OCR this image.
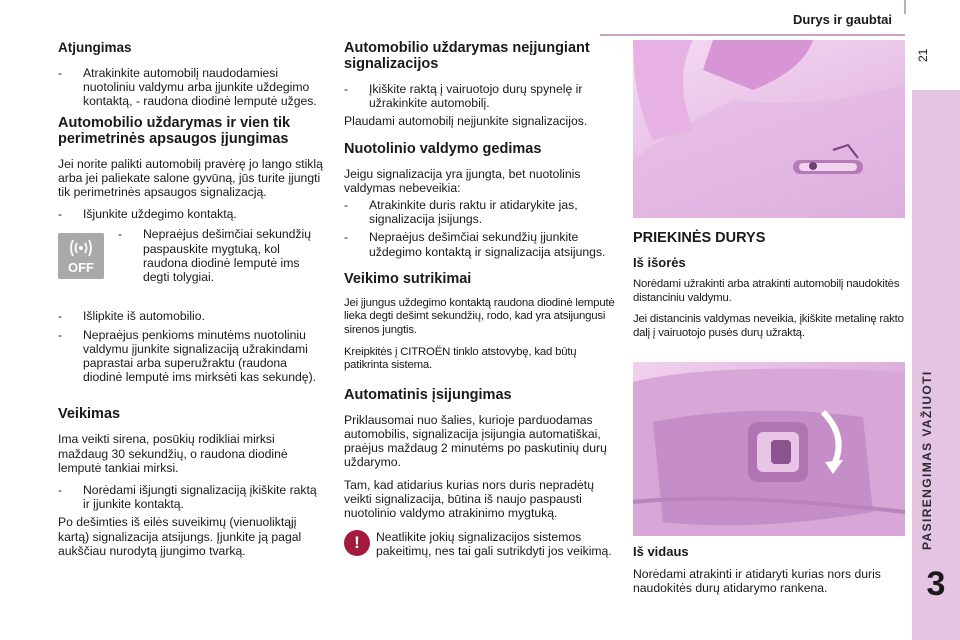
Durys ir gaubtai
21
PASIRENGIMAS VAŽIUOTI
3
Atjungimas
- Atrakinkite automobilį naudodamiesi nuotoliniu valdymu arba įjunkite uždegimo kontaktą, - raudona diodinė lemputė užges.
Automobilio uždarymas ir vien tik perimetrinės apsaugos įjungimas

Jei norite palikti automobilį pravėrę jo lango stiklą arba jei paliekate salone gyvūną, jūs turite įjungti tik perimetrinės apsaugos signalizacją.

- Išjunkite uždegimo kontaktą.
OFF
- Nepraėjus dešimčiai sekundžių paspauskite mygtuką, kol raudona diodinė lemputė ims degti tolygiai.
- Išlipkite iš automobilio.
- Nepraėjus penkioms minutėms nuotoliniu valdymu įjunkite signalizaciją užrakindami paprastai arba superužraktu (raudona diodinė lemputė ims mirksėti kas sekundę).
Veikimas

Ima veikti sirena, posūkių rodikliai mirksi maždaug 30 sekundžių, o raudona diodinė lemputė tankiai mirksi.

- Norėdami išjungti signalizaciją įkiškite raktą ir įjunkite kontaktą.

Po dešimties iš eilės suveikimų (vienuoliktąjį kartą) signalizacija atsijungs. Įjunkite ją pagal aukščiau nurodytą įjungimo tvarką.

Automobilio uždarymas neįjungiant signalizacijos
- Įkiškite raktą į vairuotojo durų spynelę ir užrakinkite automobilį.

Plaudami automobilį neįjunkite signalizacijos.

Nuotolinio valdymo gedimas

Jeigu signalizacija yra įjungta, bet nuotolinis valdymas nebeveikia:

- Atrakinkite duris raktu ir atidarykite jas, signalizacija įsijungs.
- Nepraėjus dešimčiai sekundžių įjunkite uždegimo kontaktą ir signalizacija atsijungs.
Veikimo sutrikimai

Jei įjungus uždegimo kontaktą raudona diodinė lemputė lieka degti dešimt sekundžių, rodo, kad yra atsijungusi sirenos jungtis.

Kreipkitės į CITROËN tinklo atstovybę, kad būtų patikrinta sistema.

Automatinis įsijungimas

Priklausomai nuo šalies, kurioje parduodamas automobilis, signalizacija įsijungia automatiškai, praėjus maždaug 2 minutėms po paskutinių durų uždarymo.

Tam, kad atidarius kurias nors duris nepradėtų veikti signalizacija, būtina iš naujo paspausti nuotolinio valdymo atrakinimo mygtuką.

!	Neatlikite jokių signalizacijos sistemos pakeitimų, nes tai gali sutrikdyti jos veikimą.
PRIEKINĖS DURYS
Iš išorės

Norėdami užrakinti arba atrakinti automobilį naudokitės distanciniu valdymu.

Jei distancinis valdymas neveikia, įkiškite metalinę rakto dalį į vairuotojo pusės durų užraktą.

Iš vidaus

Norėdami atrakinti ir atidaryti kurias nors duris naudokitės durų atidarymo rankena.
